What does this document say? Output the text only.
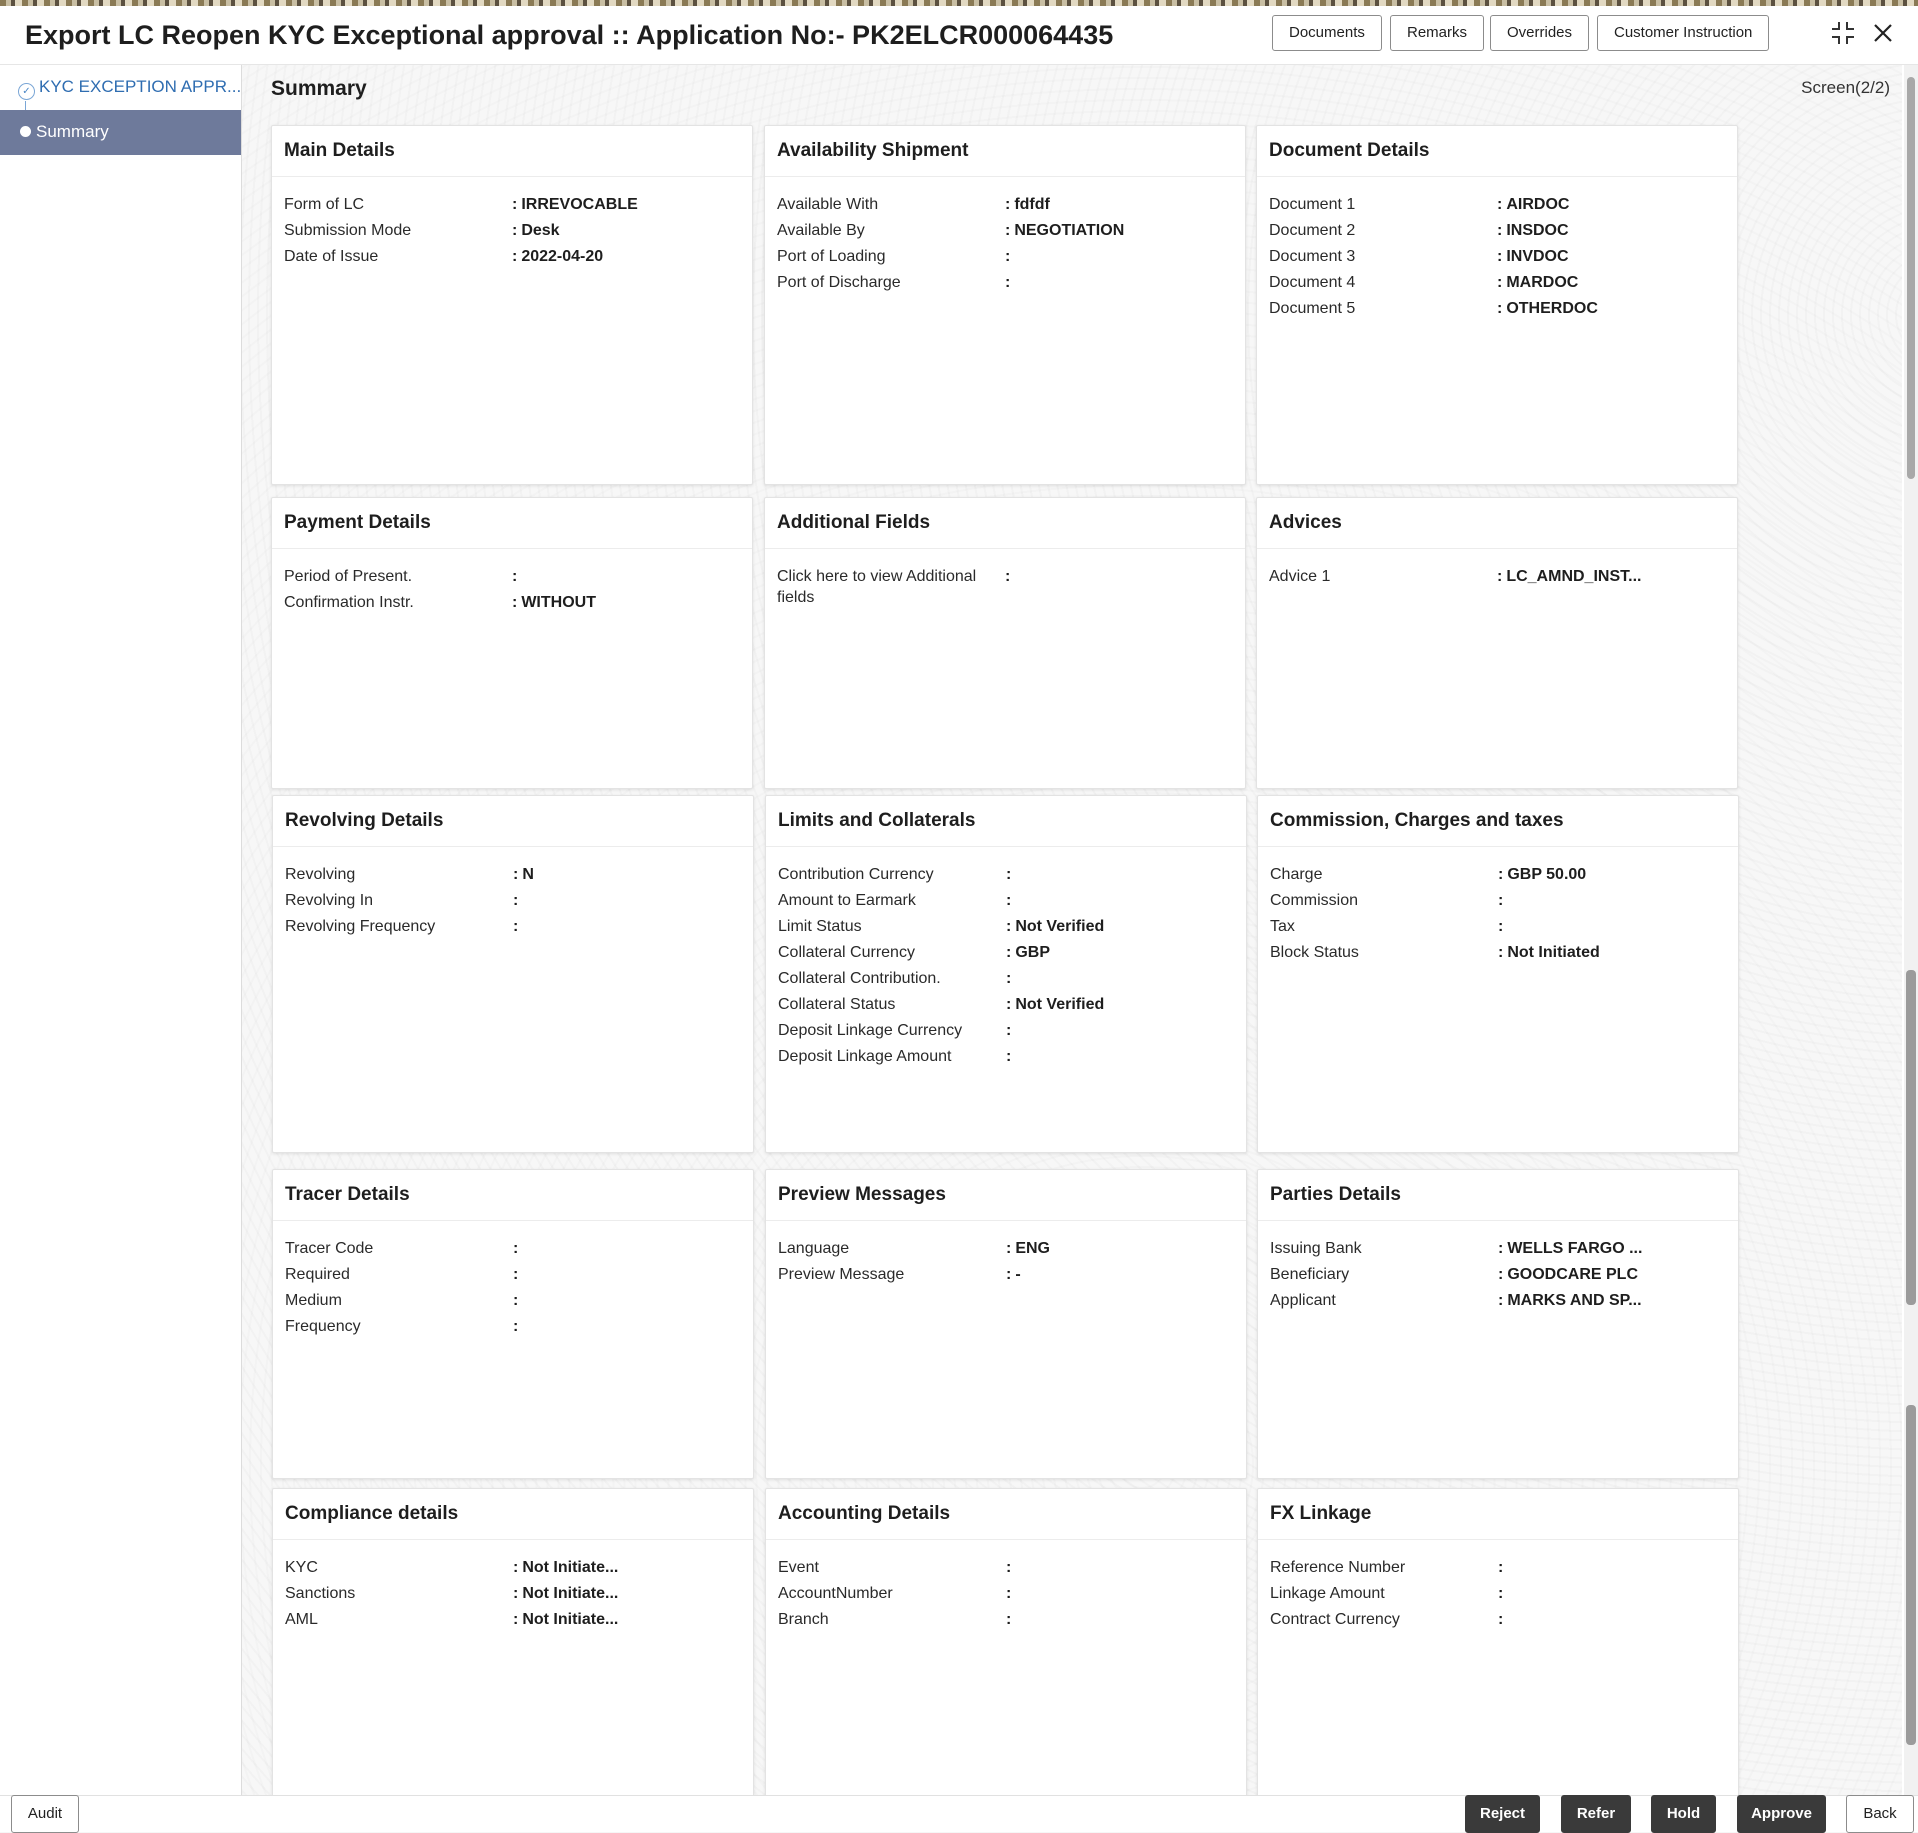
Export LC Reopen KYC Exceptional approval :: Application No:- PK2ELCR000064435	Documents	Remarks	Overrides	Customer Instruction
✓ KYC EXCEPTION APPR...
Summary
Summary	Screen(2/2)
Main Details
Form of LC	: IRREVOCABLE
Submission Mode	: Desk
Date of Issue	: 2022-04-20
Availability Shipment
Available With	: fdfdf
Available By	: NEGOTIATION
Port of Loading	:
Port of Discharge	:
Document Details
Document 1	: AIRDOC
Document 2	: INSDOC
Document 3	: INVDOC
Document 4	: MARDOC
Document 5	: OTHERDOC
Payment Details
Period of Present.	:
Confirmation Instr.	: WITHOUT
Additional Fields
Click here to view Additional fields
:
Advices
Advice 1	: LC_AMND_INST...
Revolving Details
Revolving	: N
Revolving In	:
Revolving Frequency	:
Limits and Collaterals
Contribution Currency	:
Amount to Earmark	:
Limit Status	: Not Verified
Collateral Currency	: GBP
Collateral Contribution.	:
Collateral Status	: Not Verified
Deposit Linkage Currency	:
Deposit Linkage Amount	:
Commission, Charges and taxes
Charge	: GBP 50.00
Commission	:
Tax	:
Block Status	: Not Initiated
Tracer Details
Tracer Code	:
Required	:
Medium	:
Frequency	:
Preview Messages
Language	: ENG
Preview Message	: -
Parties Details
Issuing Bank	: WELLS FARGO ...
Beneficiary	: GOODCARE PLC
Applicant	: MARKS AND SP...
Compliance details
KYC	: Not Initiate...
Sanctions	: Not Initiate...
AML	: Not Initiate...
Accounting Details
Event	:
AccountNumber	:
Branch	:
FX Linkage
Reference Number	:
Linkage Amount	:
Contract Currency	:
Audit	Reject	Refer	Hold	Approve	Back
